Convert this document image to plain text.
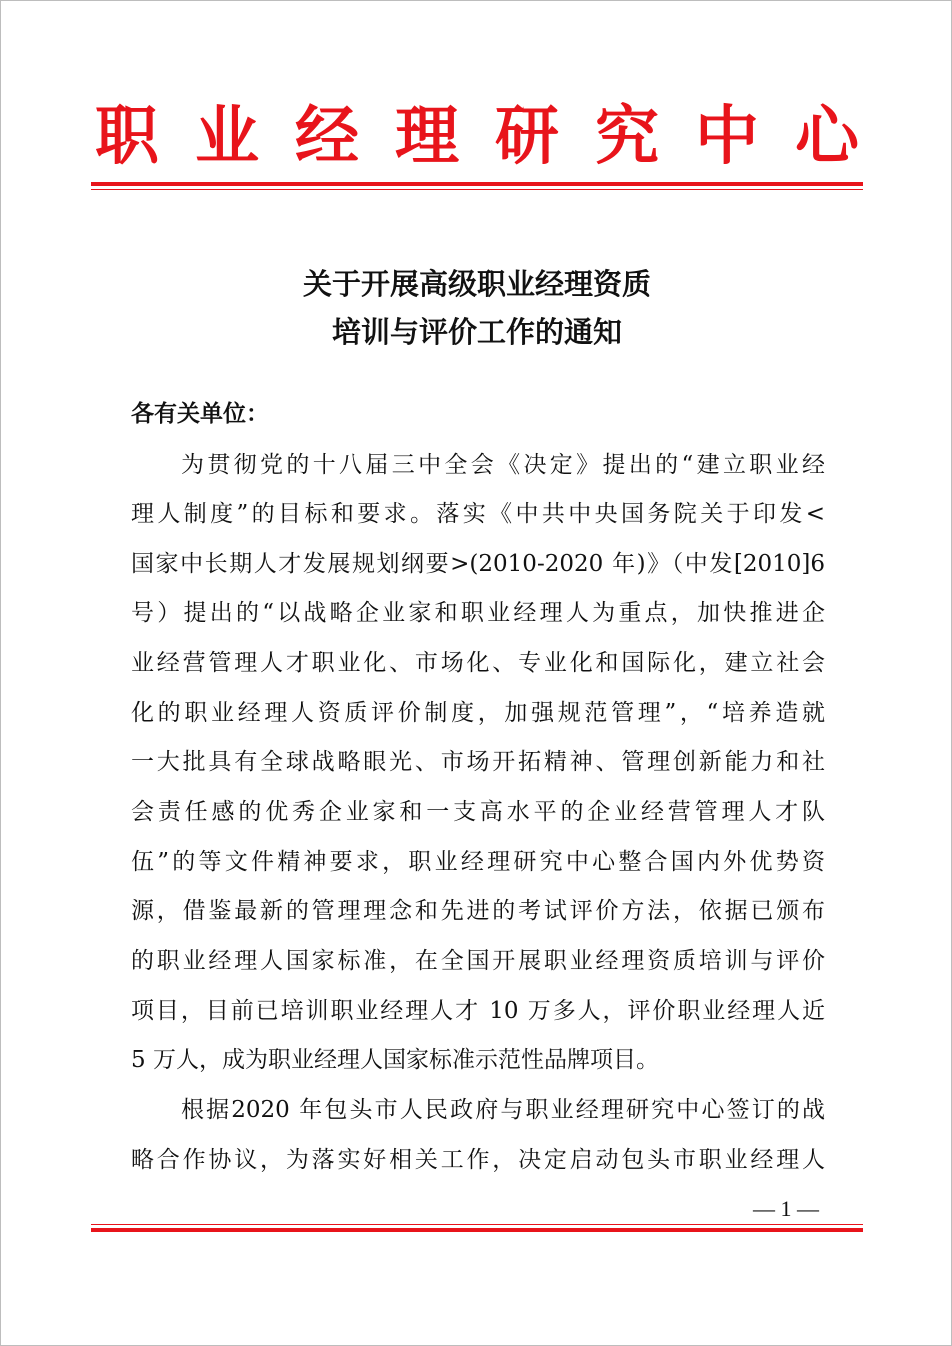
职 业 经 理 研 究 中 心
关于开展高级职业经理资质
培训与评价工作的通知
各有关单位：
为贯彻党的十八届三中全会《决定》提出的“建立职业经
理人制度”的目标和要求。落实《中共中央国务院关于印发<
国家中长期人才发展规划纲要>(2010-2020 年)》（中发[2010]6
号）提出的“以战略企业家和职业经理人为重点，加快推进企
业经营管理人才职业化、市场化、专业化和国际化，建立社会
化的职业经理人资质评价制度，加强规范管理”，“培养造就
一大批具有全球战略眼光、市场开拓精神、管理创新能力和社
会责任感的优秀企业家和一支高水平的企业经营管理人才队
伍”的等文件精神要求，职业经理研究中心整合国内外优势资
源，借鉴最新的管理理念和先进的考试评价方法，依据已颁布
的职业经理人国家标准，在全国开展职业经理资质培训与评价
项目，目前已培训职业经理人才 10 万多人，评价职业经理人近
5 万人，成为职业经理人国家标准示范性品牌项目。
根据2020 年包头市人民政府与职业经理研究中心签订的战
略合作协议，为落实好相关工作，决定启动包头市职业经理人
— 1 —
